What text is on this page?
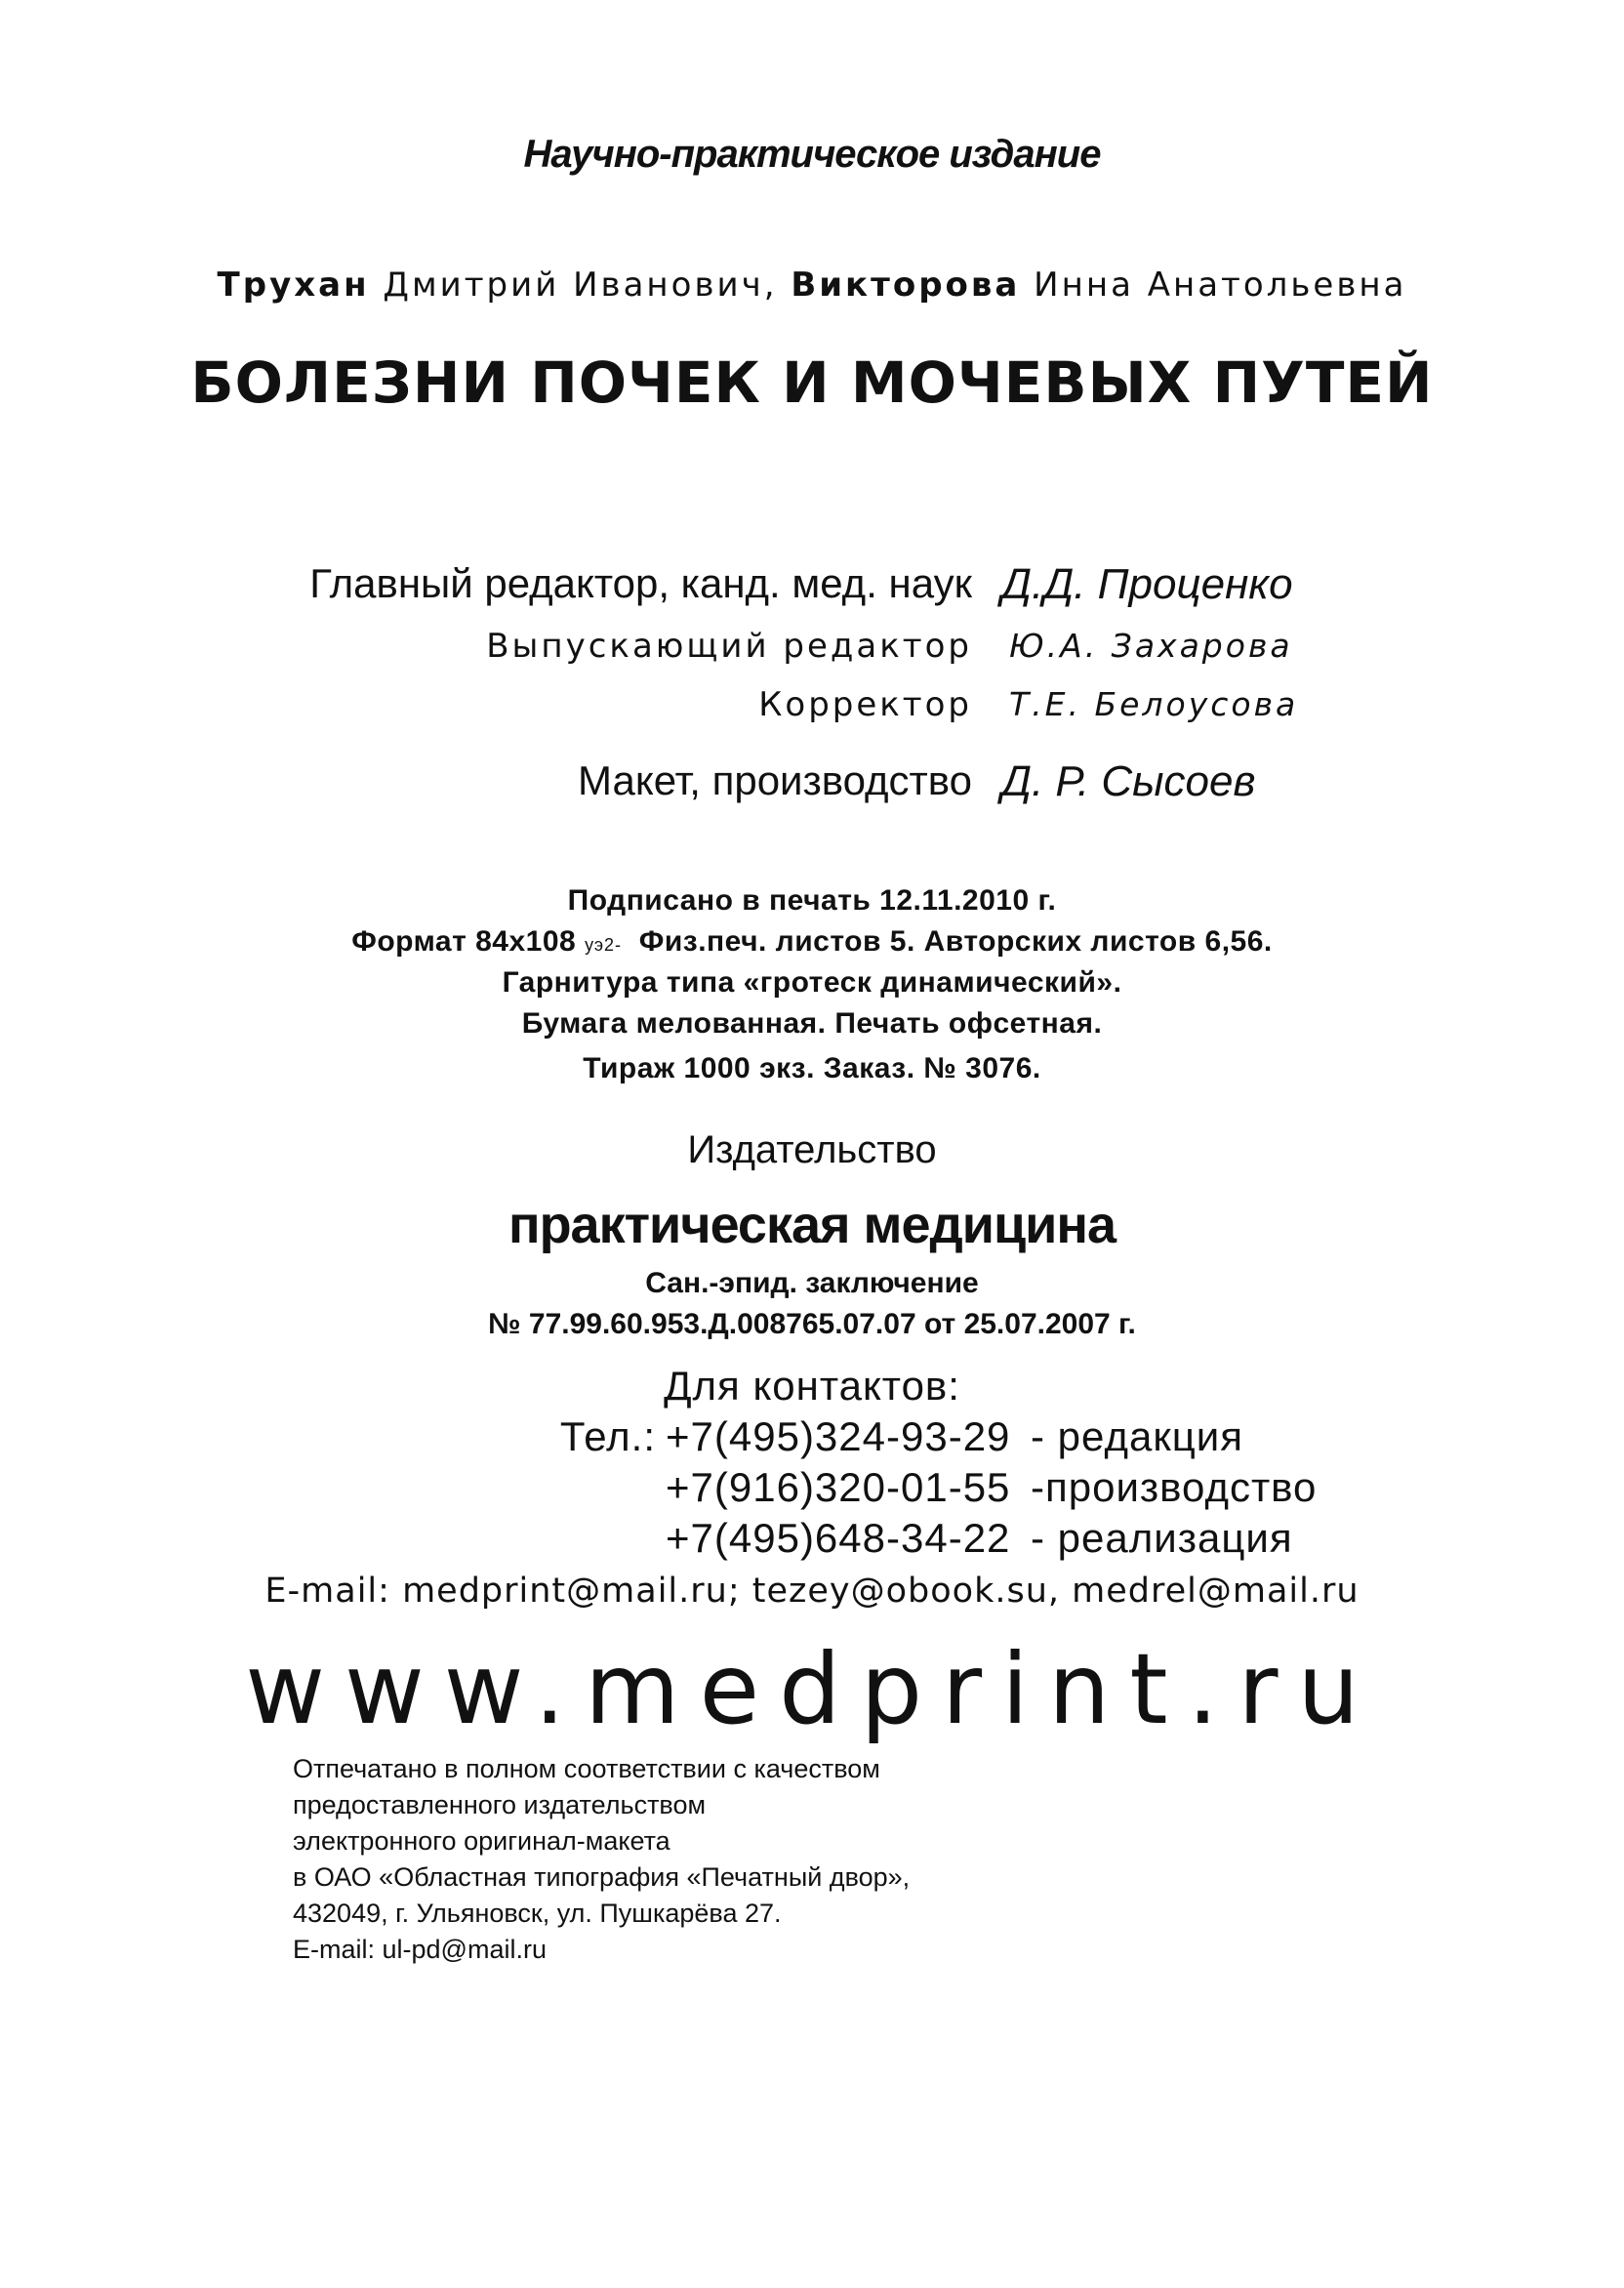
Научно-практическое издание
Трухан Дмитрий Иванович, Викторова Инна Анатольевна
БОЛЕЗНИ ПОЧЕК И МОЧЕВЫХ ПУТЕЙ
Главный редактор, канд. мед. наук Д.Д. Проценко
Выпускающий редактор Ю.А. Захарова
Корректор Т.Е. Белоусова
Макет, производство Д. Р. Сысоев
Подписано в печать 12.11.2010 г.
Формат 84х108 уэ2- Физ.печ. листов 5. Авторских листов 6,56.
Гарнитура типа «гротеск динамический».
Бумага мелованная. Печать офсетная.
Тираж 1000 экз. Заказ. № 3076.
Издательство
практическая медицина
Сан.-эпид. заключение
№ 77.99.60.953.Д.008765.07.07 от 25.07.2007 г.
Для контактов:
Тел.: +7(495)324-93-29 - редакция
+7(916)320-01-55 -производство
+7(495)648-34-22 - реализация
E-mail: medprint@mail.ru; tezey@obook.su, medrel@mail.ru
www.medprint.ru
Отпечатано в полном соответствии с качеством
предоставленного издательством
электронного оригинал-макета
в ОАО «Областная типография «Печатный двор»,
432049, г. Ульяновск, ул. Пушкарёва 27.
E-mail: ul-pd@mail.ru
